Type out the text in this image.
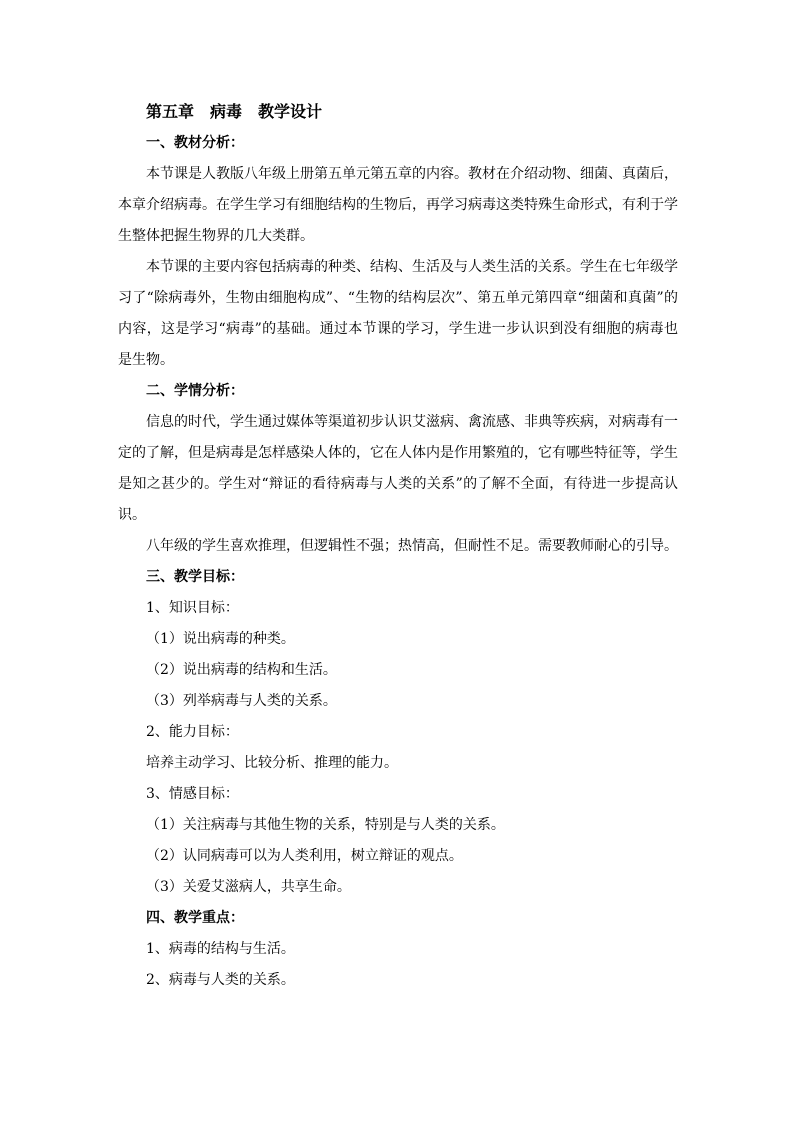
第五章　病毒　教学设计
一、教材分析：
本节课是人教版八年级上册第五单元第五章的内容。教材在介绍动物、细菌、真菌后，本章介绍病毒。在学生学习有细胞结构的生物后，再学习病毒这类特殊生命形式，有利于学生整体把握生物界的几大类群。
本节课的主要内容包括病毒的种类、结构、生活及与人类生活的关系。学生在七年级学习了“除病毒外，生物由细胞构成”、“生物的结构层次”、第五单元第四章“细菌和真菌”的内容，这是学习“病毒”的基础。通过本节课的学习，学生进一步认识到没有细胞的病毒也是生物。
二、学情分析：
信息的时代，学生通过媒体等渠道初步认识艾滋病、禽流感、非典等疾病，对病毒有一定的了解，但是病毒是怎样感染人体的，它在人体内是作用繁殖的，它有哪些特征等，学生是知之甚少的。学生对“辩证的看待病毒与人类的关系”的了解不全面，有待进一步提高认识。
八年级的学生喜欢推理，但逻辑性不强；热情高，但耐性不足。需要教师耐心的引导。
三、教学目标：
1、知识目标：
（1）说出病毒的种类。
（2）说出病毒的结构和生活。
（3）列举病毒与人类的关系。
2、能力目标：
培养主动学习、比较分析、推理的能力。
3、情感目标：
（1）关注病毒与其他生物的关系，特别是与人类的关系。
（2）认同病毒可以为人类利用，树立辩证的观点。
（3）关爱艾滋病人，共享生命。
四、教学重点：
1、病毒的结构与生活。
2、病毒与人类的关系。
